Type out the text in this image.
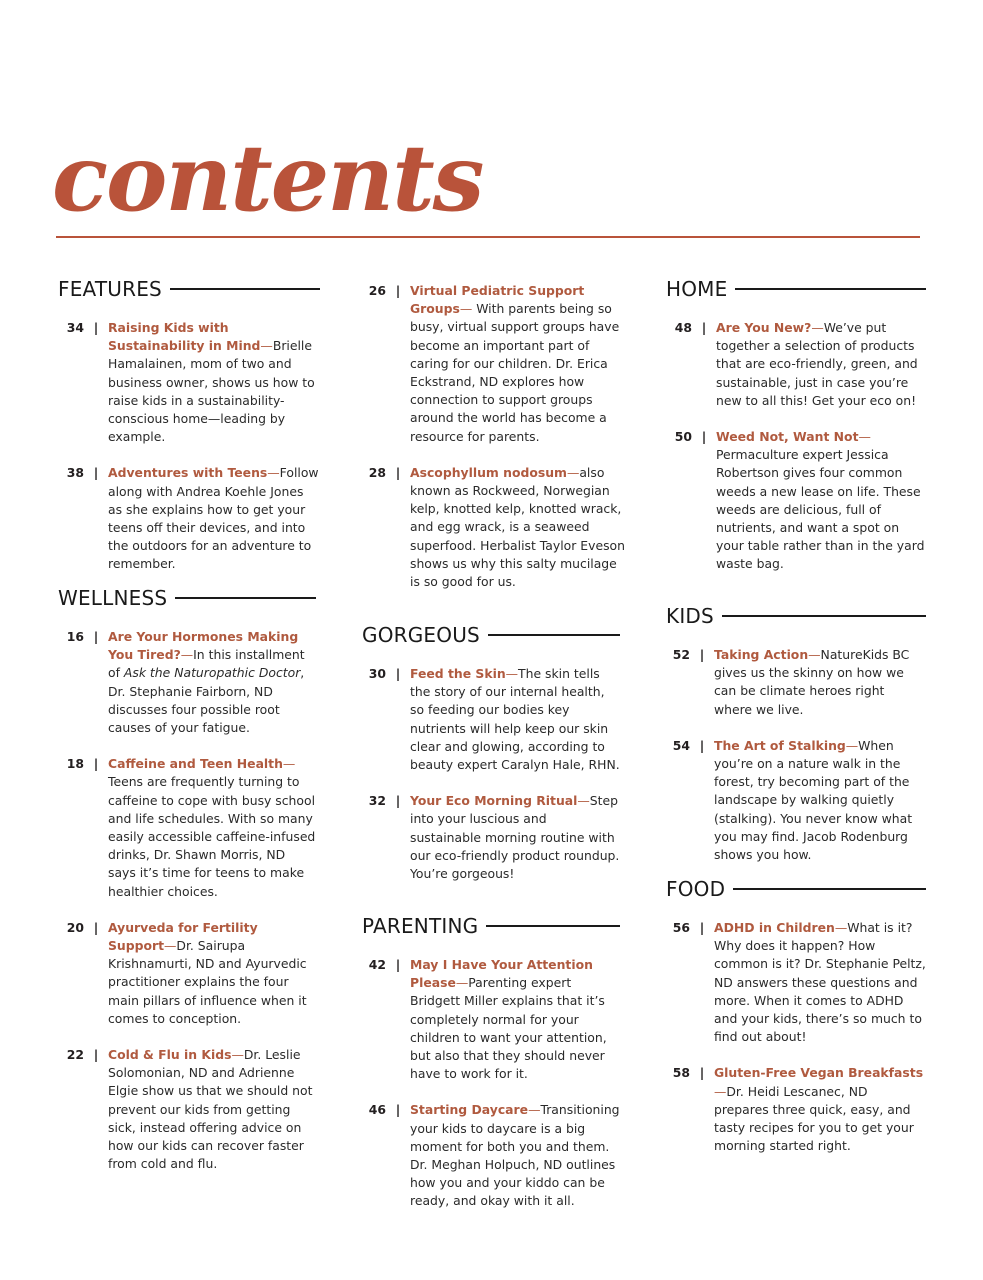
contents
FEATURES
34 | Raising Kids with Sustainability in Mind—Brielle Hamalainen, mom of two and business owner, shows us how to raise kids in a sustainability-conscious home—leading by example.
38 | Adventures with Teens—Follow along with Andrea Koehle Jones as she explains how to get your teens off their devices, and into the outdoors for an adventure to remember.
WELLNESS
16 | Are Your Hormones Making You Tired?—In this installment of Ask the Naturopathic Doctor, Dr. Stephanie Fairborn, ND discusses four possible root causes of your fatigue.
18 | Caffeine and Teen Health—Teens are frequently turning to caffeine to cope with busy school and life schedules. With so many easily accessible caffeine-infused drinks, Dr. Shawn Morris, ND says it’s time for teens to make healthier choices.
20 | Ayurveda for Fertility Support—Dr. Sairupa Krishnamurti, ND and Ayurvedic practitioner explains the four main pillars of influence when it comes to conception.
22 | Cold & Flu in Kids—Dr. Leslie Solomonian, ND and Adrienne Elgie show us that we should not prevent our kids from getting sick, instead offering advice on how our kids can recover faster from cold and flu.
26 | Virtual Pediatric Support Groups— With parents being so busy, virtual support groups have become an important part of caring for our children. Dr. Erica Eckstrand, ND explores how connection to support groups around the world has become a resource for parents.
28 | Ascophyllum nodosum—also known as Rockweed, Norwegian kelp, knotted kelp, knotted wrack, and egg wrack, is a seaweed superfood. Herbalist Taylor Eveson shows us why this salty mucilage is so good for us.
GORGEOUS
30 | Feed the Skin—The skin tells the story of our internal health, so feeding our bodies key nutrients will help keep our skin clear and glowing, according to beauty expert Caralyn Hale, RHN.
32 | Your Eco Morning Ritual—Step into your luscious and sustainable morning routine with our eco-friendly product roundup. You’re gorgeous!
PARENTING
42 | May I Have Your Attention Please—Parenting expert Bridgett Miller explains that it’s completely normal for your children to want your attention, but also that they should never have to work for it.
46 | Starting Daycare—Transitioning your kids to daycare is a big moment for both you and them. Dr. Meghan Holpuch, ND outlines how you and your kiddo can be ready, and okay with it all.
HOME
48 | Are You New?—We’ve put together a selection of products that are eco-friendly, green, and sustainable, just in case you’re new to all this! Get your eco on!
50 | Weed Not, Want Not—Permaculture expert Jessica Robertson gives four common weeds a new lease on life. These weeds are delicious, full of nutrients, and want a spot on your table rather than in the yard waste bag.
KIDS
52 | Taking Action—NatureKids BC gives us the skinny on how we can be climate heroes right where we live.
54 | The Art of Stalking—When you’re on a nature walk in the forest, try becoming part of the landscape by walking quietly (stalking). You never know what you may find. Jacob Rodenburg shows you how.
FOOD
56 | ADHD in Children—What is it? Why does it happen? How common is it? Dr. Stephanie Peltz, ND answers these questions and more. When it comes to ADHD and your kids, there’s so much to find out about!
58 | Gluten-Free Vegan Breakfasts—Dr. Heidi Lescanec, ND prepares three quick, easy, and tasty recipes for you to get your morning started right.
